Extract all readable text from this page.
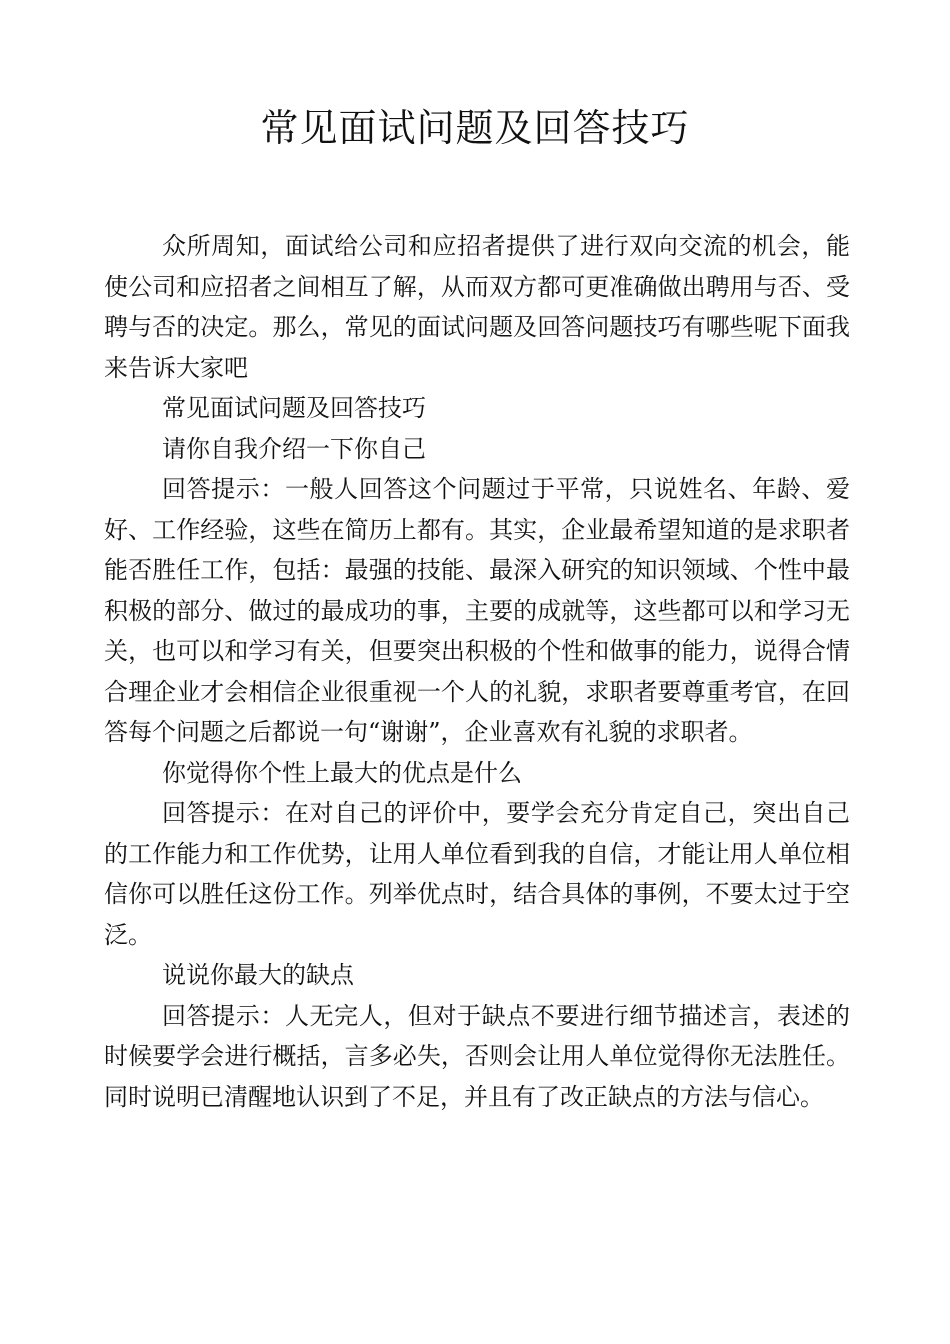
常见面试问题及回答技巧

众所周知，面试给公司和应招者提供了进行双向交流的机会，能使公司和应招者之间相互了解，从而双方都可更准确做出聘用与否、受聘与否的决定。那么，常见的面试问题及回答问题技巧有哪些呢下面我来告诉大家吧

常见面试问题及回答技巧

请你自我介绍一下你自己

回答提示：一般人回答这个问题过于平常，只说姓名、年龄、爱好、工作经验，这些在简历上都有。其实，企业最希望知道的是求职者能否胜任工作，包括：最强的技能、最深入研究的知识领域、个性中最积极的部分、做过的最成功的事，主要的成就等，这些都可以和学习无关，也可以和学习有关，但要突出积极的个性和做事的能力，说得合情合理企业才会相信企业很重视一个人的礼貌，求职者要尊重考官，在回答每个问题之后都说一句“谢谢”，企业喜欢有礼貌的求职者。

你觉得你个性上最大的优点是什么

回答提示：在对自己的评价中，要学会充分肯定自己，突出自己的工作能力和工作优势，让用人单位看到我的自信，才能让用人单位相信你可以胜任这份工作。列举优点时，结合具体的事例，不要太过于空泛。

说说你最大的缺点

回答提示：人无完人，但对于缺点不要进行细节描述言，表述的时候要学会进行概括，言多必失，否则会让用人单位觉得你无法胜任。同时说明已清醒地认识到了不足，并且有了改正缺点的方法与信心。
